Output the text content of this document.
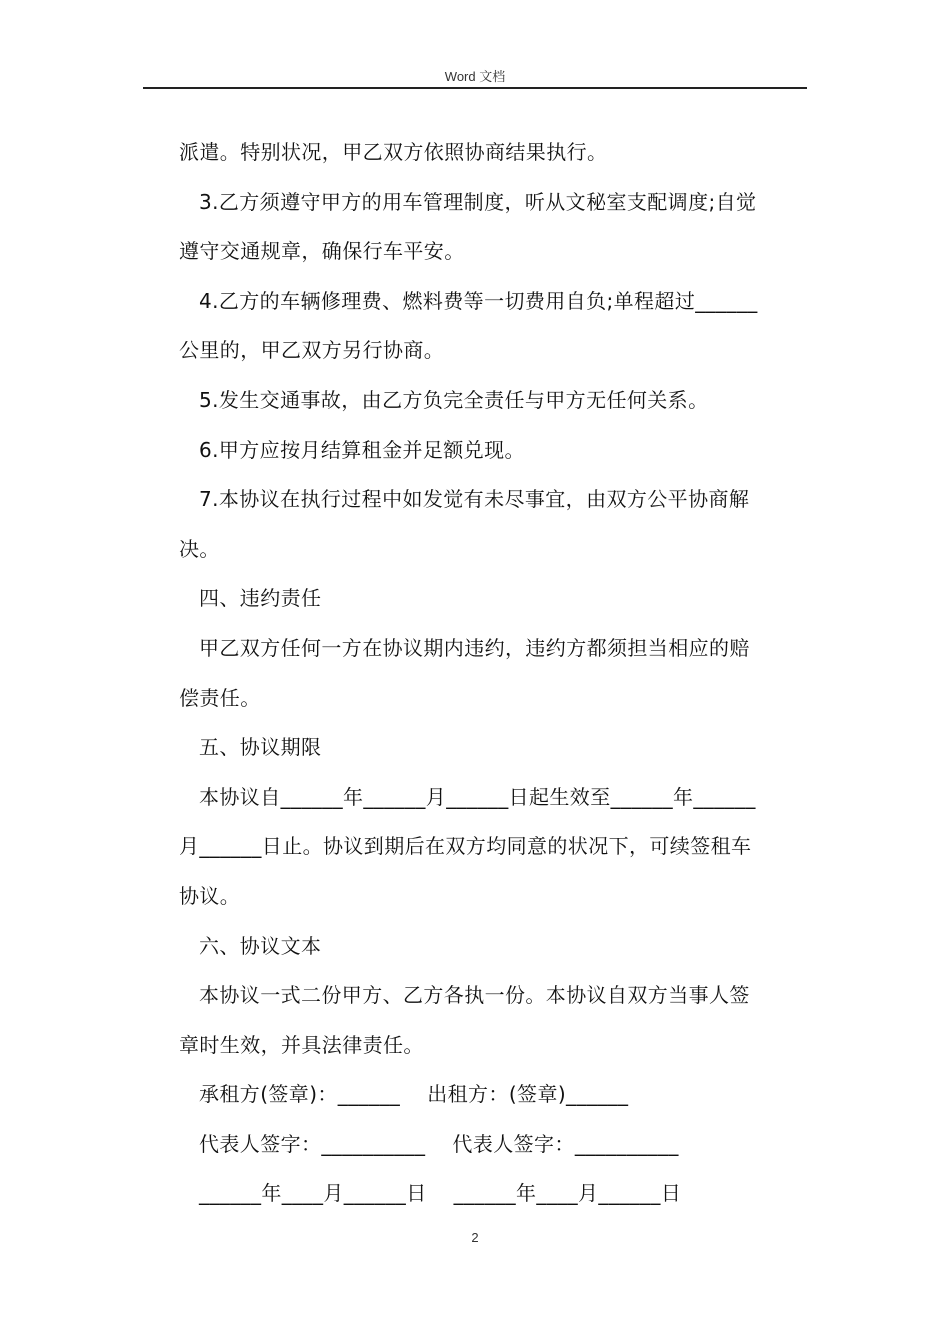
Word 文档

派遣。特别状况，甲乙双方依照协商结果执行。

3.乙方须遵守甲方的用车管理制度，听从文秘室支配调度;自觉

遵守交通规章，确保行车平安。

4.乙方的车辆修理费、燃料费等一切费用自负;单程超过______

公里的，甲乙双方另行协商。

5.发生交通事故，由乙方负完全责任与甲方无任何关系。

6.甲方应按月结算租金并足额兑现。

7.本协议在执行过程中如发觉有未尽事宜，由双方公平协商解

决。

四、违约责任

甲乙双方任何一方在协议期内违约，违约方都须担当相应的赔

偿责任。

五、协议期限

本协议自______年______月______日起生效至______年______

月______日止。协议到期后在双方均同意的状况下，可续签租车

协议。

六、协议文本

本协议一式二份甲方、乙方各执一份。本协议自双方当事人签

章时生效，并具法律责任。

承租方(签章)：______    出租方：(签章)______

代表人签字：__________    代表人签字：__________

______年____月______日    ______年____月______日

2
